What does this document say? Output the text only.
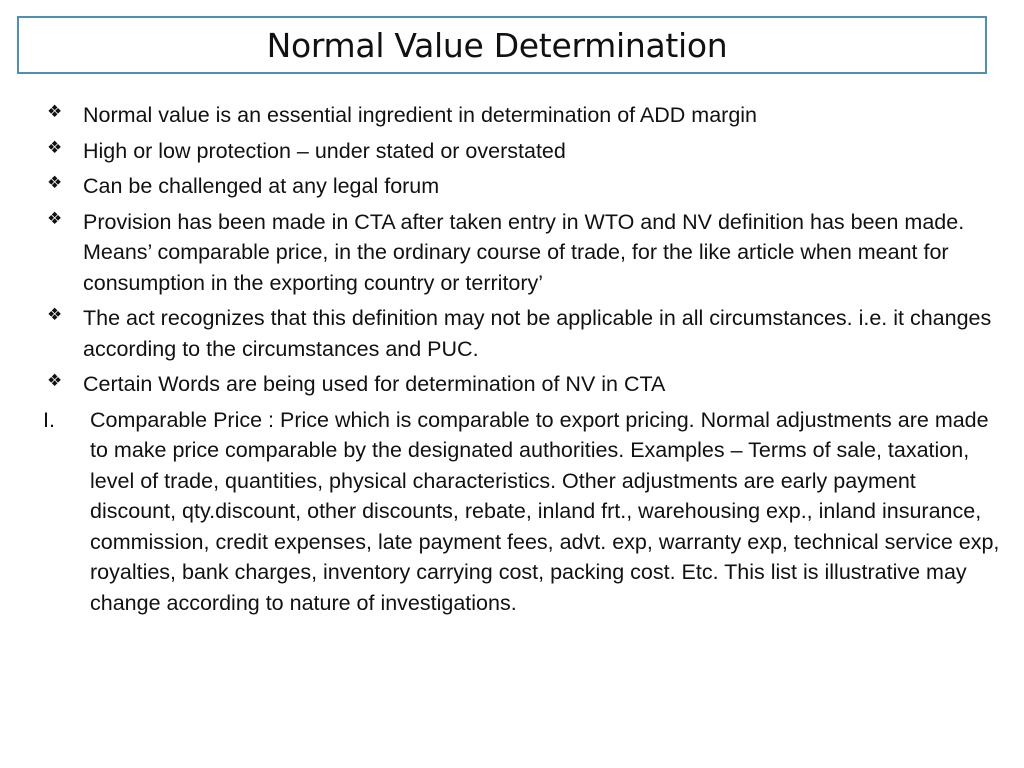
Normal Value Determination
❖ Normal value is an essential ingredient in determination of ADD margin
❖ High or low protection – under stated or overstated
❖ Can be challenged at any legal forum
❖ Provision has been made in CTA after taken entry in WTO and NV definition has been made. Means’ comparable price, in the ordinary course of trade, for the like article when meant for consumption in the exporting country or territory’
❖ The act recognizes that this definition may not be applicable in all circumstances. i.e. it changes according to the circumstances and PUC.
❖ Certain Words are being used for determination of NV in CTA
I. Comparable Price : Price which is comparable to export pricing. Normal adjustments are made to make price comparable by the designated authorities. Examples – Terms of sale, taxation, level of trade, quantities, physical characteristics. Other adjustments are early payment discount, qty.discount, other discounts, rebate, inland frt., warehousing exp., inland insurance, commission, credit expenses, late payment fees, advt. exp, warranty exp, technical service exp, royalties, bank charges, inventory carrying cost, packing cost. Etc. This list is illustrative may change according to nature of investigations.
